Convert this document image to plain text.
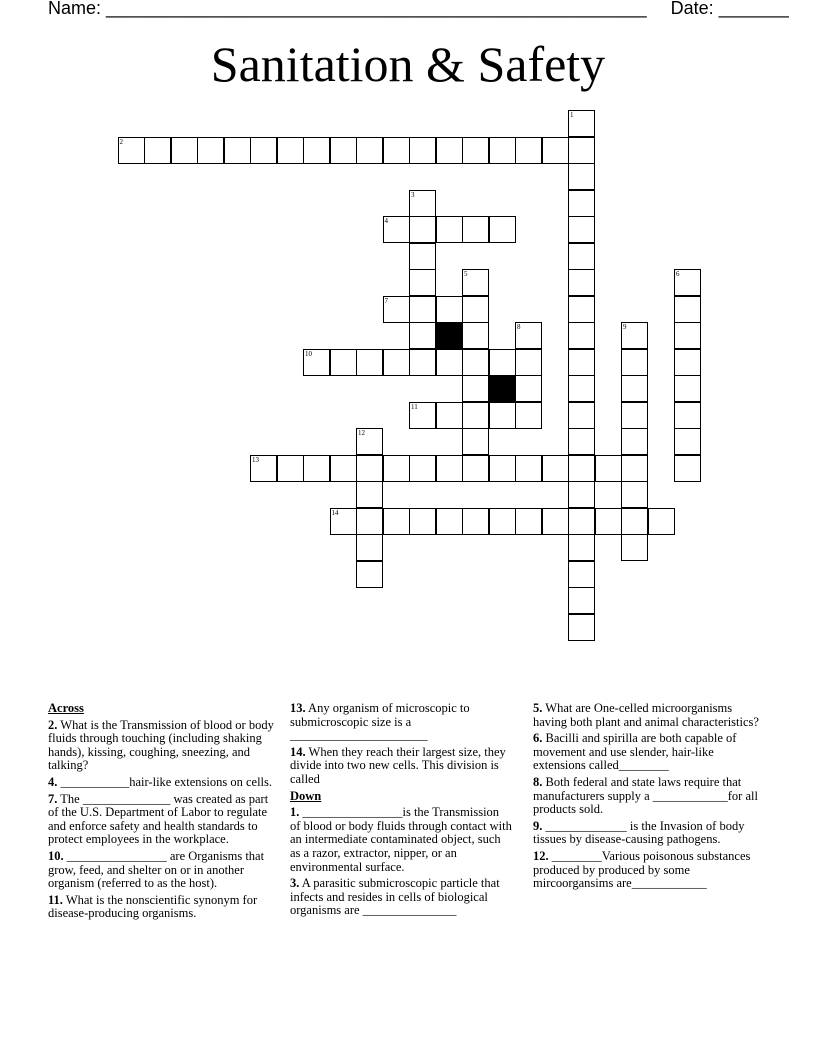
Name: ______________________________________________________ Date: _______
Sanitation & Safety
1
2
3
4
5	6
7
8	9
10
11
12
13
14
Across

2. What is the Transmission of blood or body fluids through touching (including shaking hands), kissing, coughing, sneezing, and talking?

4. ___________hair-like extensions on cells.

7. The ______________ was created as part of the U.S. Department of Labor to regulate and enforce safety and health standards to protect employees in the workplace.

10. ________________ are Organisms that grow, feed, and shelter on or in another organism (referred to as the host).

11. What is the nonscientific synonym for disease-producing organisms.

13. Any organism of microscopic to submicroscopic size is a ______________________

14. When they reach their largest size, they divide into two new cells. This division is called

Down

1. ________________is the Transmission of blood or body fluids through contact with an intermediate contaminated object, such as a razor, extractor, nipper, or an environmental surface.

3. A parasitic submicroscopic particle that infects and resides in cells of biological organisms are _______________

5. What are One-celled microorganisms having both plant and animal characteristics?

6. Bacilli and spirilla are both capable of movement and use slender, hair-like extensions called________

8. Both federal and state laws require that manufacturers supply a ____________for all products sold.

9. _____________ is the Invasion of body tissues by disease-causing pathogens.

12. ________Various poisonous substances produced by produced by some mircoorgansims are____________
